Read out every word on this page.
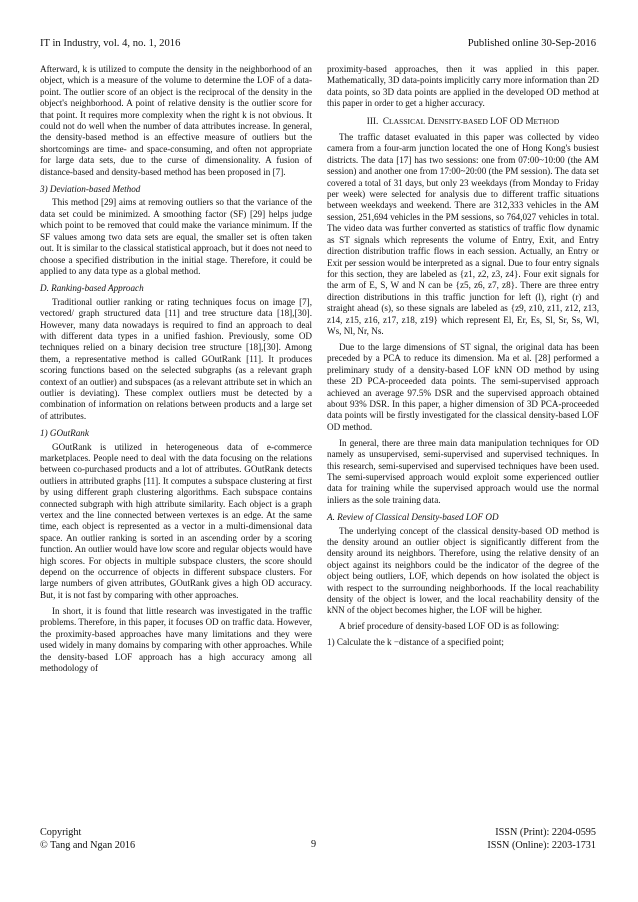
IT in Industry, vol. 4, no. 1, 2016	Published online 30-Sep-2016

Afterward, k is utilized to compute the density in the neighborhood of an object, which is a measure of the volume to determine the LOF of a data-point. The outlier score of an object is the reciprocal of the density in the object's neighborhood. A point of relative density is the outlier score for that point. It requires more complexity when the right k is not obvious. It could not do well when the number of data attributes increase. In general, the density-based method is an effective measure of outliers but the shortcomings are time- and space-consuming, and often not appropriate for large data sets, due to the curse of dimensionality. A fusion of distance-based and density-based method has been proposed in [7].

3) Deviation-based Method

This method [29] aims at removing outliers so that the variance of the data set could be minimized. A smoothing factor (SF) [29] helps judge which point to be removed that could make the variance minimum. If the SF values among two data sets are equal, the smaller set is often taken out. It is similar to the classical statistical approach, but it does not need to choose a specified distribution in the initial stage. Therefore, it could be applied to any data type as a global method.

D. Ranking-based Approach

Traditional outlier ranking or rating techniques focus on image [7], vectored/ graph structured data [11] and tree structure data [18],[30]. However, many data nowadays is required to find an approach to deal with different data types in a unified fashion. Previously, some OD techniques relied on a binary decision tree structure [18],[30]. Among them, a representative method is called GOutRank [11]. It produces scoring functions based on the selected subgraphs (as a relevant graph context of an outlier) and subspaces (as a relevant attribute set in which an outlier is deviating). These complex outliers must be detected by a combination of information on relations between products and a large set of attributes.

1) GOutRank

GOutRank is utilized in heterogeneous data of e-commerce marketplaces. People need to deal with the data focusing on the relations between co-purchased products and a lot of attributes. GOutRank detects outliers in attributed graphs [11]. It computes a subspace clustering at first by using different graph clustering algorithms. Each subspace contains connected subgraph with high attribute similarity. Each object is a graph vertex and the line connected between vertexes is an edge. At the same time, each object is represented as a vector in a multi-dimensional data space. An outlier ranking is sorted in an ascending order by a scoring function. An outlier would have low score and regular objects would have high scores. For objects in multiple subspace clusters, the score should depend on the occurrence of objects in different subspace clusters. For large numbers of given attributes, GOutRank gives a high OD accuracy. But, it is not fast by comparing with other approaches.

In short, it is found that little research was investigated in the traffic problems. Therefore, in this paper, it focuses OD on traffic data. However, the proximity-based approaches have many limitations and they were used widely in many domains by comparing with other approaches. While the density-based LOF approach has a high accuracy among all methodology of

proximity-based approaches, then it was applied in this paper. Mathematically, 3D data-points implicitly carry more information than 2D data points, so 3D data points are applied in the developed OD method at this paper in order to get a higher accuracy.

III. CLASSICAL DENSITY-BASED LOF OD METHOD

The traffic dataset evaluated in this paper was collected by video camera from a four-arm junction located the one of Hong Kong's busiest districts. The data [17] has two sessions: one from 07:00~10:00 (the AM session) and another one from 17:00~20:00 (the PM session). The data set covered a total of 31 days, but only 23 weekdays (from Monday to Friday per week) were selected for analysis due to different traffic situations between weekdays and weekend. There are 312,333 vehicles in the AM session, 251,694 vehicles in the PM sessions, so 764,027 vehicles in total. The video data was further converted as statistics of traffic flow dynamic as ST signals which represents the volume of Entry, Exit, and Entry direction distribution traffic flows in each session. Actually, an Entry or Exit per session would be interpreted as a signal. Due to four entry signals for this section, they are labeled as {z1, z2, z3, z4}. Four exit signals for the arm of E, S, W and N can be {z5, z6, z7, z8}. There are three entry direction distributions in this traffic junction for left (l), right (r) and straight ahead (s), so these signals are labeled as {z9, z10, z11, z12, z13, z14, z15, z16, z17, z18, z19} which represent El, Er, Es, Sl, Sr, Ss, Wl, Ws, Nl, Nr, Ns.

Due to the large dimensions of ST signal, the original data has been preceded by a PCA to reduce its dimension. Ma et al. [28] performed a preliminary study of a density-based LOF kNN OD method by using these 2D PCA-proceeded data points. The semi-supervised approach achieved an average 97.5% DSR and the supervised approach obtained about 93% DSR. In this paper, a higher dimension of 3D PCA-proceeded data points will be firstly investigated for the classical density-based LOF OD method.

In general, there are three main data manipulation techniques for OD namely as unsupervised, semi-supervised and supervised techniques. In this research, semi-supervised and supervised techniques have been used. The semi-supervised approach would exploit some experienced outlier data for training while the supervised approach would use the normal inliers as the sole training data.

A. Review of Classical Density-based LOF OD

The underlying concept of the classical density-based OD method is the density around an outlier object is significantly different from the density around its neighbors. Therefore, using the relative density of an object against its neighbors could be the indicator of the degree of the object being outliers, LOF, which depends on how isolated the object is with respect to the surrounding neighborhoods. If the local reachability density of the object is lower, and the local reachability density of the kNN of the object becomes higher, the LOF will be higher.

A brief procedure of density-based LOF OD is as following:

1) Calculate the k −distance of a specified point;

Copyright
© Tang and Ngan 2016	9
ISSN (Print): 2204-0595
ISSN (Online): 2203-1731
